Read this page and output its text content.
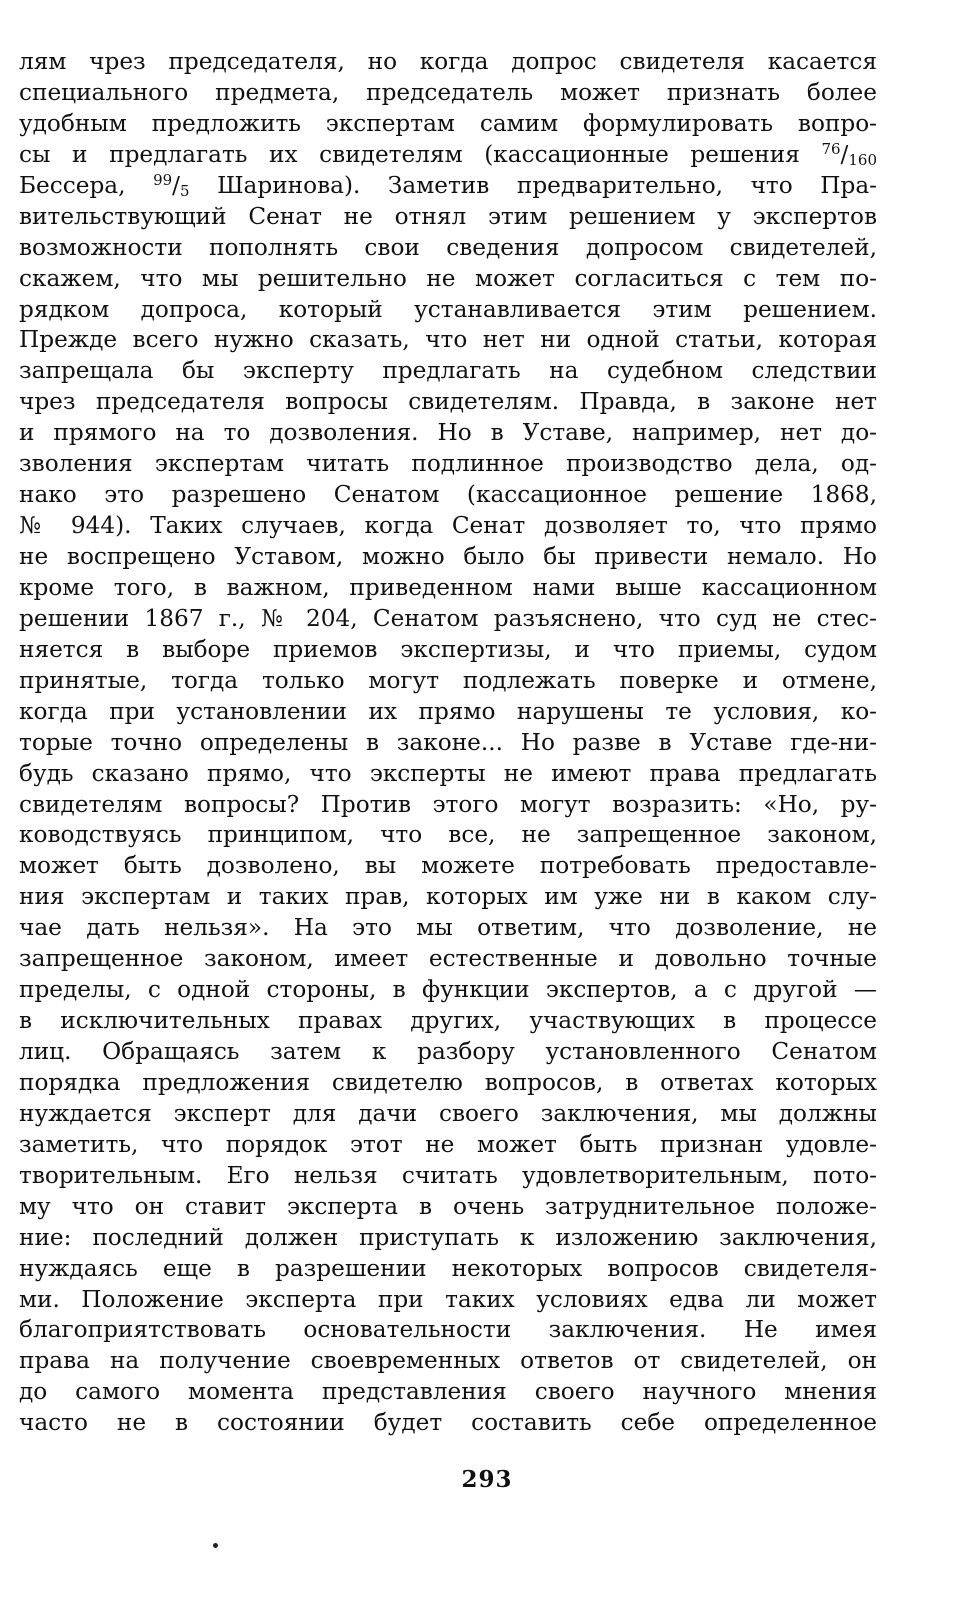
лям чрез председателя, но когда допрос свидетеля касается
специального предмета, председатель может признать более
удобным предложить экспертам самим формулировать вопро-
сы и предлагать их свидетелям (кассационные решения $^{76}/_{160}$
Бессера, $^{99}/_5$ Шаринова). Заметив предварительно, что Пра-
вительствующий Сенат не отнял этим решением у экспертов
возможности пополнять свои сведения допросом свидетелей,
скажем, что мы решительно не может согласиться с тем по-
рядком допроса, который устанавливается этим решением.
Прежде всего нужно сказать, что нет ни одной статьи, которая
запрещала бы эксперту предлагать на судебном следствии
чрез председателя вопросы свидетелям. Правда, в законе нет
и прямого на то дозволения. Но в Уставе, например, нет до-
зволения экспертам читать подлинное производство дела, од-
нако это разрешено Сенатом (кассационное решение 1868,
№ 944). Таких случаев, когда Сенат дозволяет то, что прямо
не воспрещено Уставом, можно было бы привести немало. Но
кроме того, в важном, приведенном нами выше кассационном
решении 1867 г., № 204, Сенатом разъяснено, что суд не стес-
няется в выборе приемов экспертизы, и что приемы, судом
принятые, тогда только могут подлежать поверке и отмене,
когда при установлении их прямо нарушены те условия, ко-
торые точно определены в законе... Но разве в Уставе где-ни-
будь сказано прямо, что эксперты не имеют права предлагать
свидетелям вопросы? Против этого могут возразить: «Но, ру-
ководствуясь принципом, что все, не запрещенное законом,
может быть дозволено, вы можете потребовать предоставле-
ния экспертам и таких прав, которых им уже ни в каком слу-
чае дать нельзя». На это мы ответим, что дозволение, не
запрещенное законом, имеет естественные и довольно точные
пределы, с одной стороны, в функции экспертов, а с другой —
в исключительных правах других, участвующих в процессе
лиц. Обращаясь затем к разбору установленного Сенатом
порядка предложения свидетелю вопросов, в ответах которых
нуждается эксперт для дачи своего заключения, мы должны
заметить, что порядок этот не может быть признан удовле-
творительным. Его нельзя считать удовлетворительным, пото-
му что он ставит эксперта в очень затруднительное положе-
ние: последний должен приступать к изложению заключения,
нуждаясь еще в разрешении некоторых вопросов свидетеля-
ми. Положение эксперта при таких условиях едва ли может
благоприятствовать основательности заключения. Не имея
права на получение своевременных ответов от свидетелей, он
до самого момента представления своего научного мнения
часто не в состоянии будет составить себе определенное
293
